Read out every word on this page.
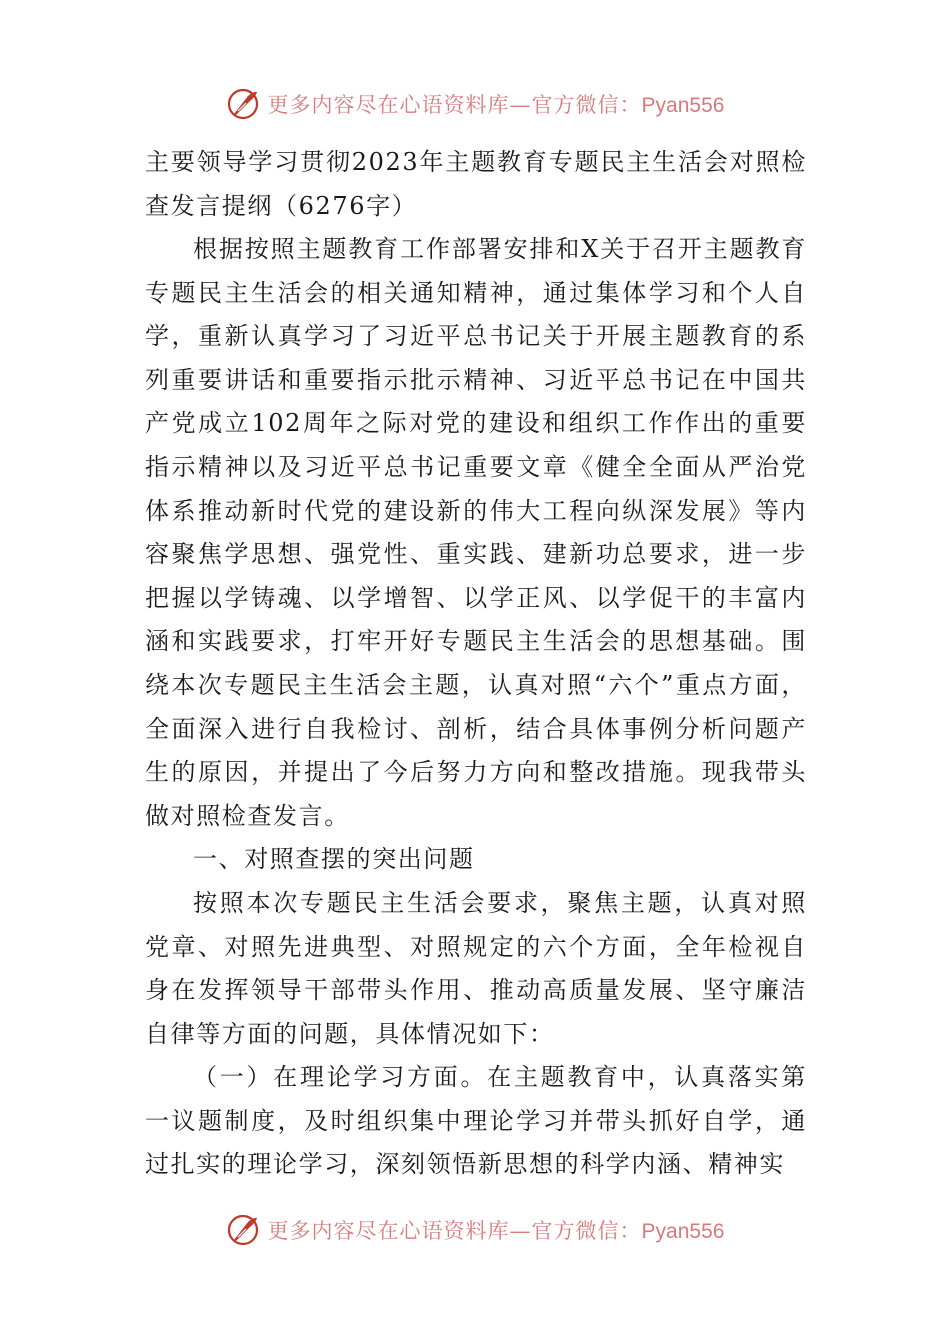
更多内容尽在心语资料库—官方微信：Pyan556

主要领导学习贯彻2023年主题教育专题民主生活会对照检查发言提纲（6276字）

根据按照主题教育工作部署安排和X关于召开主题教育专题民主生活会的相关通知精神，通过集体学习和个人自学，重新认真学习了习近平总书记关于开展主题教育的系列重要讲话和重要指示批示精神、习近平总书记在中国共产党成立102周年之际对党的建设和组织工作作出的重要指示精神以及习近平总书记重要文章《健全全面从严治党体系推动新时代党的建设新的伟大工程向纵深发展》等内容聚焦学思想、强党性、重实践、建新功总要求，进一步把握以学铸魂、以学增智、以学正风、以学促干的丰富内涵和实践要求，打牢开好专题民主生活会的思想基础。围绕本次专题民主生活会主题，认真对照“六个”重点方面，全面深入进行自我检讨、剖析，结合具体事例分析问题产生的原因，并提出了今后努力方向和整改措施。现我带头做对照检查发言。

一、对照查摆的突出问题

按照本次专题民主生活会要求，聚焦主题，认真对照党章、对照先进典型、对照规定的六个方面，全年检视自身在发挥领导干部带头作用、推动高质量发展、坚守廉洁自律等方面的问题，具体情况如下：

（一）在理论学习方面。在主题教育中，认真落实第一议题制度，及时组织集中理论学习并带头抓好自学，通过扎实的理论学习，深刻领悟新思想的科学内涵、精神实

更多内容尽在心语资料库—官方微信：Pyan556
